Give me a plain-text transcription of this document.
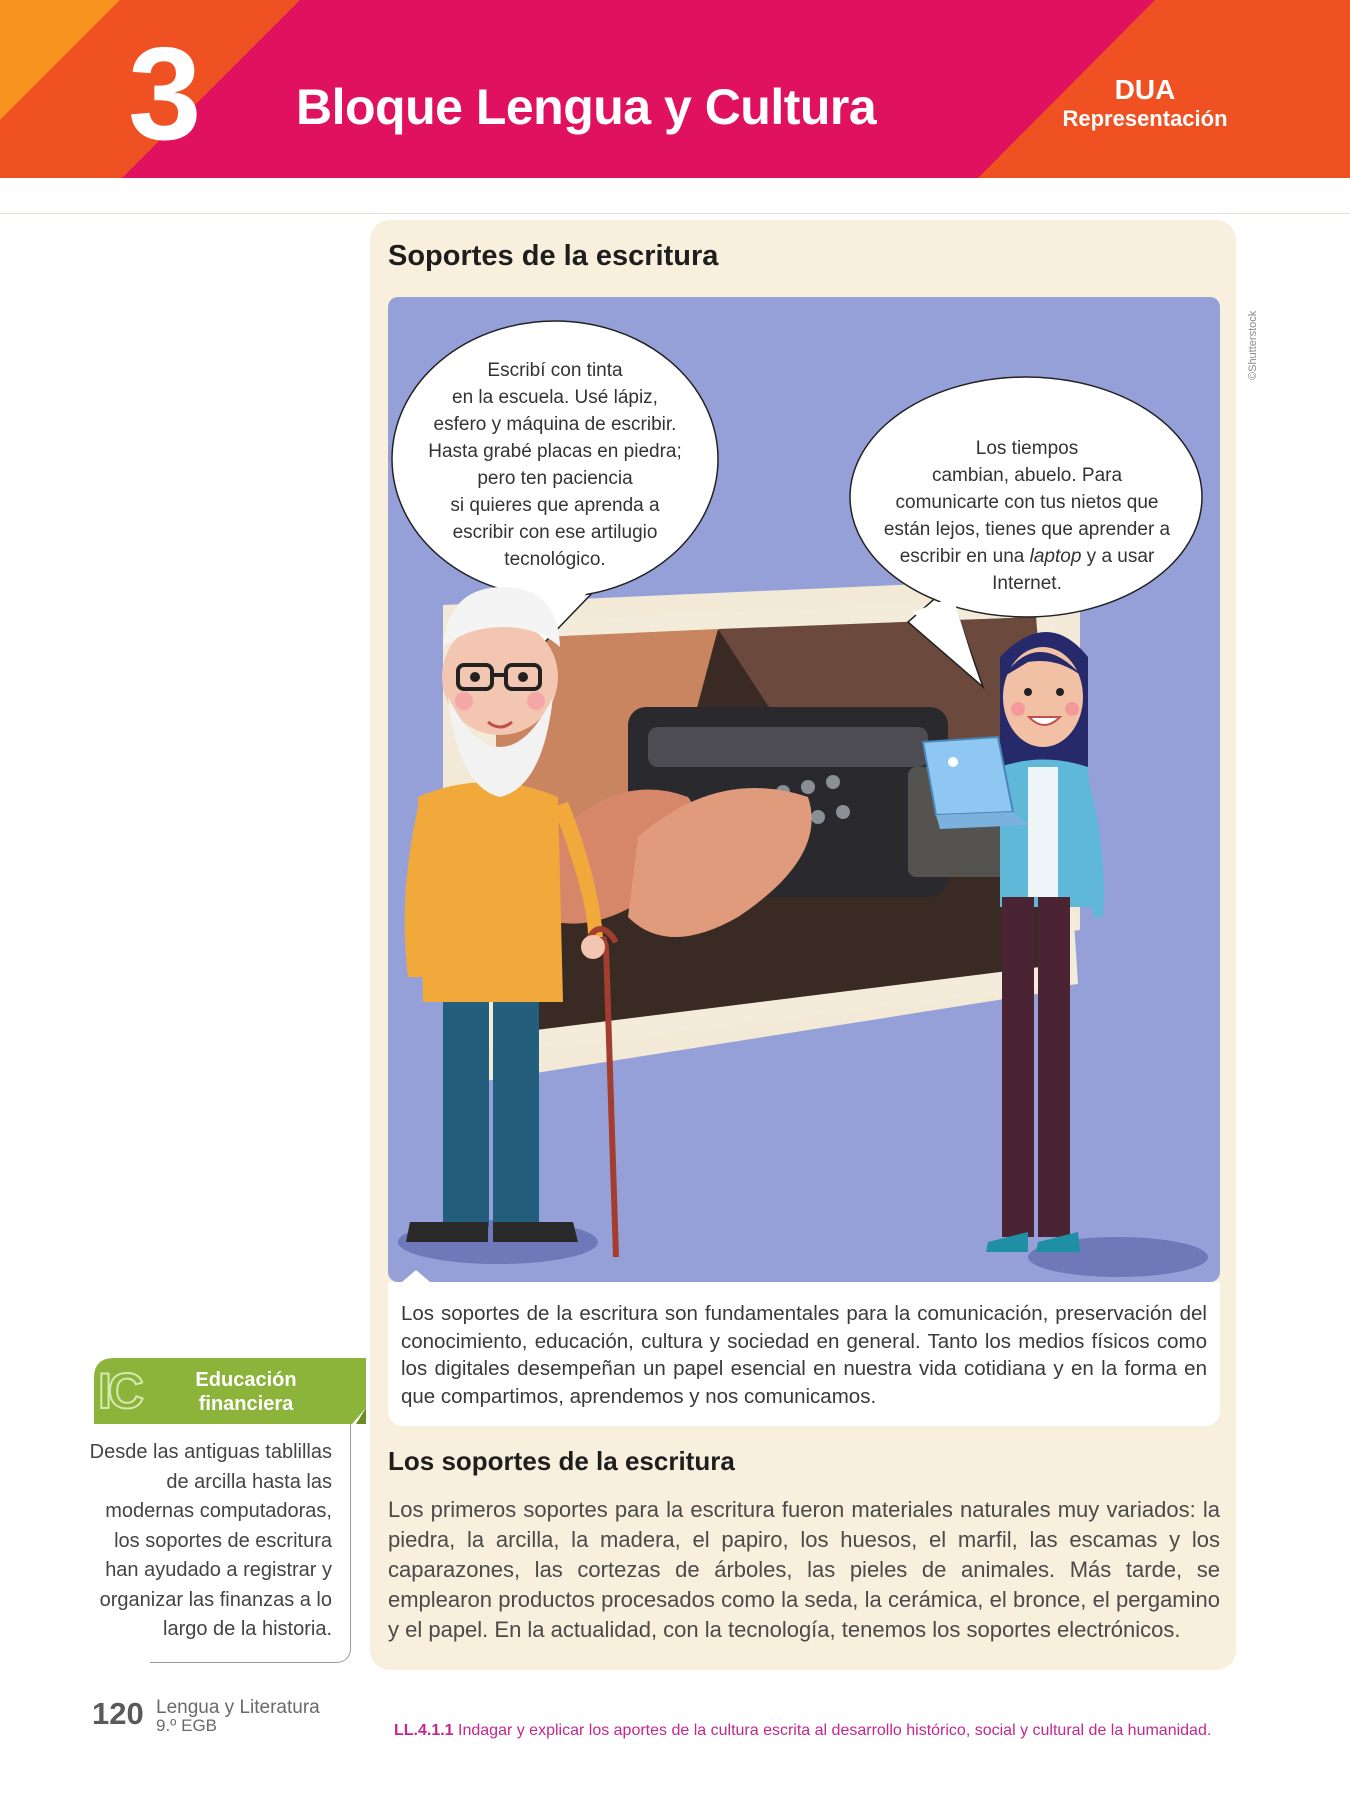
3 Bloque Lengua y Cultura	DUA
Representación
Soportes de la escritura
©Shutterstock
Escribí con tinta
en la escuela. Usé lápiz,
esfero y máquina de escribir.
Hasta grabé placas en piedra;
pero ten paciencia
si quieres que aprenda a
escribir con ese artilugio
tecnológico.
Los tiempos
cambian, abuelo. Para
comunicarte con tus nietos que
están lejos, tienes que aprender a
escribir en una laptop y a usar
Internet.
Los soportes de la escritura son fundamentales para la comunicación, preservación del conocimiento, educación, cultura y sociedad en general. Tanto los medios físicos como los digitales desempeñan un papel esencial en nuestra vida cotidiana y en la forma en que compartimos, aprendemos y nos comunicamos.
Los soportes de la escritura
Los primeros soportes para la escritura fueron materiales naturales muy variados: la piedra, la arcilla, la madera, el papiro, los huesos, el marfil, las escamas y los caparazones, las cortezas de árboles, las pieles de animales. Más tarde, se emplearon productos procesados como la seda, la cerámica, el bronce, el pergamino y el papel. En la actualidad, con la tecnología, tenemos los soportes electrónicos.
IC	Educación
financiera
Desde las antiguas tablillas de arcilla hasta las modernas computadoras, los soportes de escritura han ayudado a registrar y organizar las finanzas a lo largo de la historia.
120 Lengua y Literatura
9.º EGB	LL.4.1.1 Indagar y explicar los aportes de la cultura escrita al desarrollo histórico, social y cultural de la humanidad.
